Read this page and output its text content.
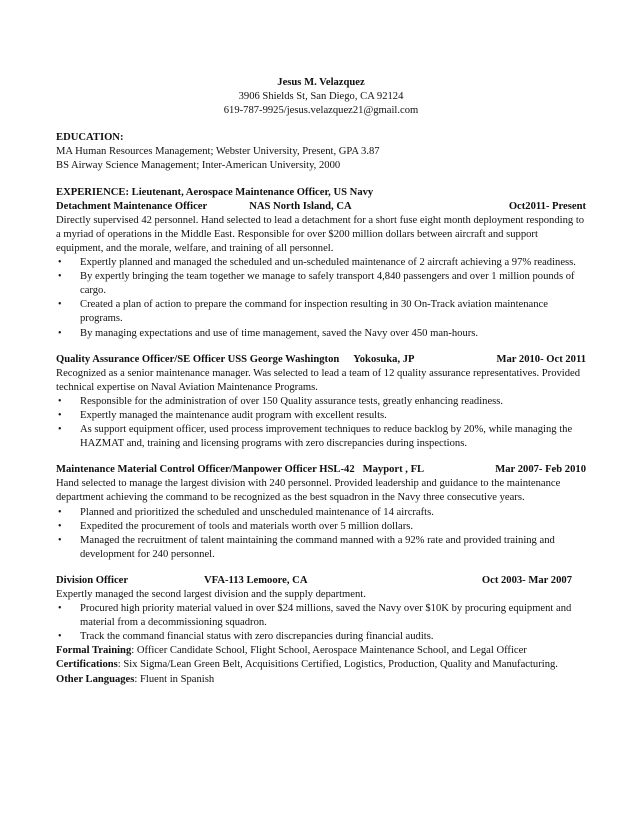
Jesus M. Velazquez
3906 Shields St, San Diego, CA 92124
619-787-9925/jesus.velazquez21@gmail.com
EDUCATION:
MA Human Resources Management; Webster University, Present, GPA 3.87
BS Airway Science Management; Inter-American University, 2000
EXPERIENCE: Lieutenant, Aerospace Maintenance Officer, US Navy
Detachment Maintenance Officer	NAS North Island, CA	Oct2011- Present

Directly supervised 42 personnel. Hand selected to lead a detachment for a short fuse eight month deployment responding to a myriad of operations in the Middle East. Responsible for over $200 million dollars between aircraft and support equipment, and the morale, welfare, and training of all personnel.

• Expertly planned and managed the scheduled and un-scheduled maintenance of 2 aircraft achieving a 97% readiness.
• By expertly bringing the team together we manage to safely transport 4,840 passengers and over 1 million pounds of cargo.
• Created a plan of action to prepare the command for inspection resulting in 30 On-Track aviation maintenance programs.
• By managing expectations and use of time management, saved the Navy over 450 man-hours.
Quality Assurance Officer/SE Officer USS George Washington Yokosuka, JP	Mar 2010- Oct 2011

Recognized as a senior maintenance manager. Was selected to lead a team of 12 quality assurance representatives. Provided technical expertise on Naval Aviation Maintenance Programs.

• Responsible for the administration of over 150 Quality assurance tests, greatly enhancing readiness.
• Expertly managed the maintenance audit program with excellent results.
• As support equipment officer, used process improvement techniques to reduce backlog by 20%, while managing the HAZMAT and, training and licensing programs with zero discrepancies during inspections.
Maintenance Material Control Officer/Manpower Officer HSL-42 Mayport , FL	Mar 2007- Feb 2010

Hand selected to manage the largest division with 240 personnel. Provided leadership and guidance to the maintenance department achieving the command to be recognized as the best squadron in the Navy three consecutive years.

• Planned and prioritized the scheduled and unscheduled maintenance of 14 aircrafts.
• Expedited the procurement of tools and materials worth over 5 million dollars.
• Managed the recruitment of talent maintaining the command manned with a 92% rate and provided training and development for 240 personnel.
Division Officer	VFA-113 Lemoore, CA	Oct 2003- Mar 2007

Expertly managed the second largest division and the supply department.

• Procured high priority material valued in over $24 millions, saved the Navy over $10K by procuring equipment and material from a decommissioning squadron.
• Track the command financial status with zero discrepancies during financial audits.
Formal Training: Officer Candidate School, Flight School, Aerospace Maintenance School, and Legal Officer
Certifications: Six Sigma/Lean Green Belt, Acquisitions Certified, Logistics, Production, Quality and Manufacturing.
Other Languages: Fluent in Spanish
